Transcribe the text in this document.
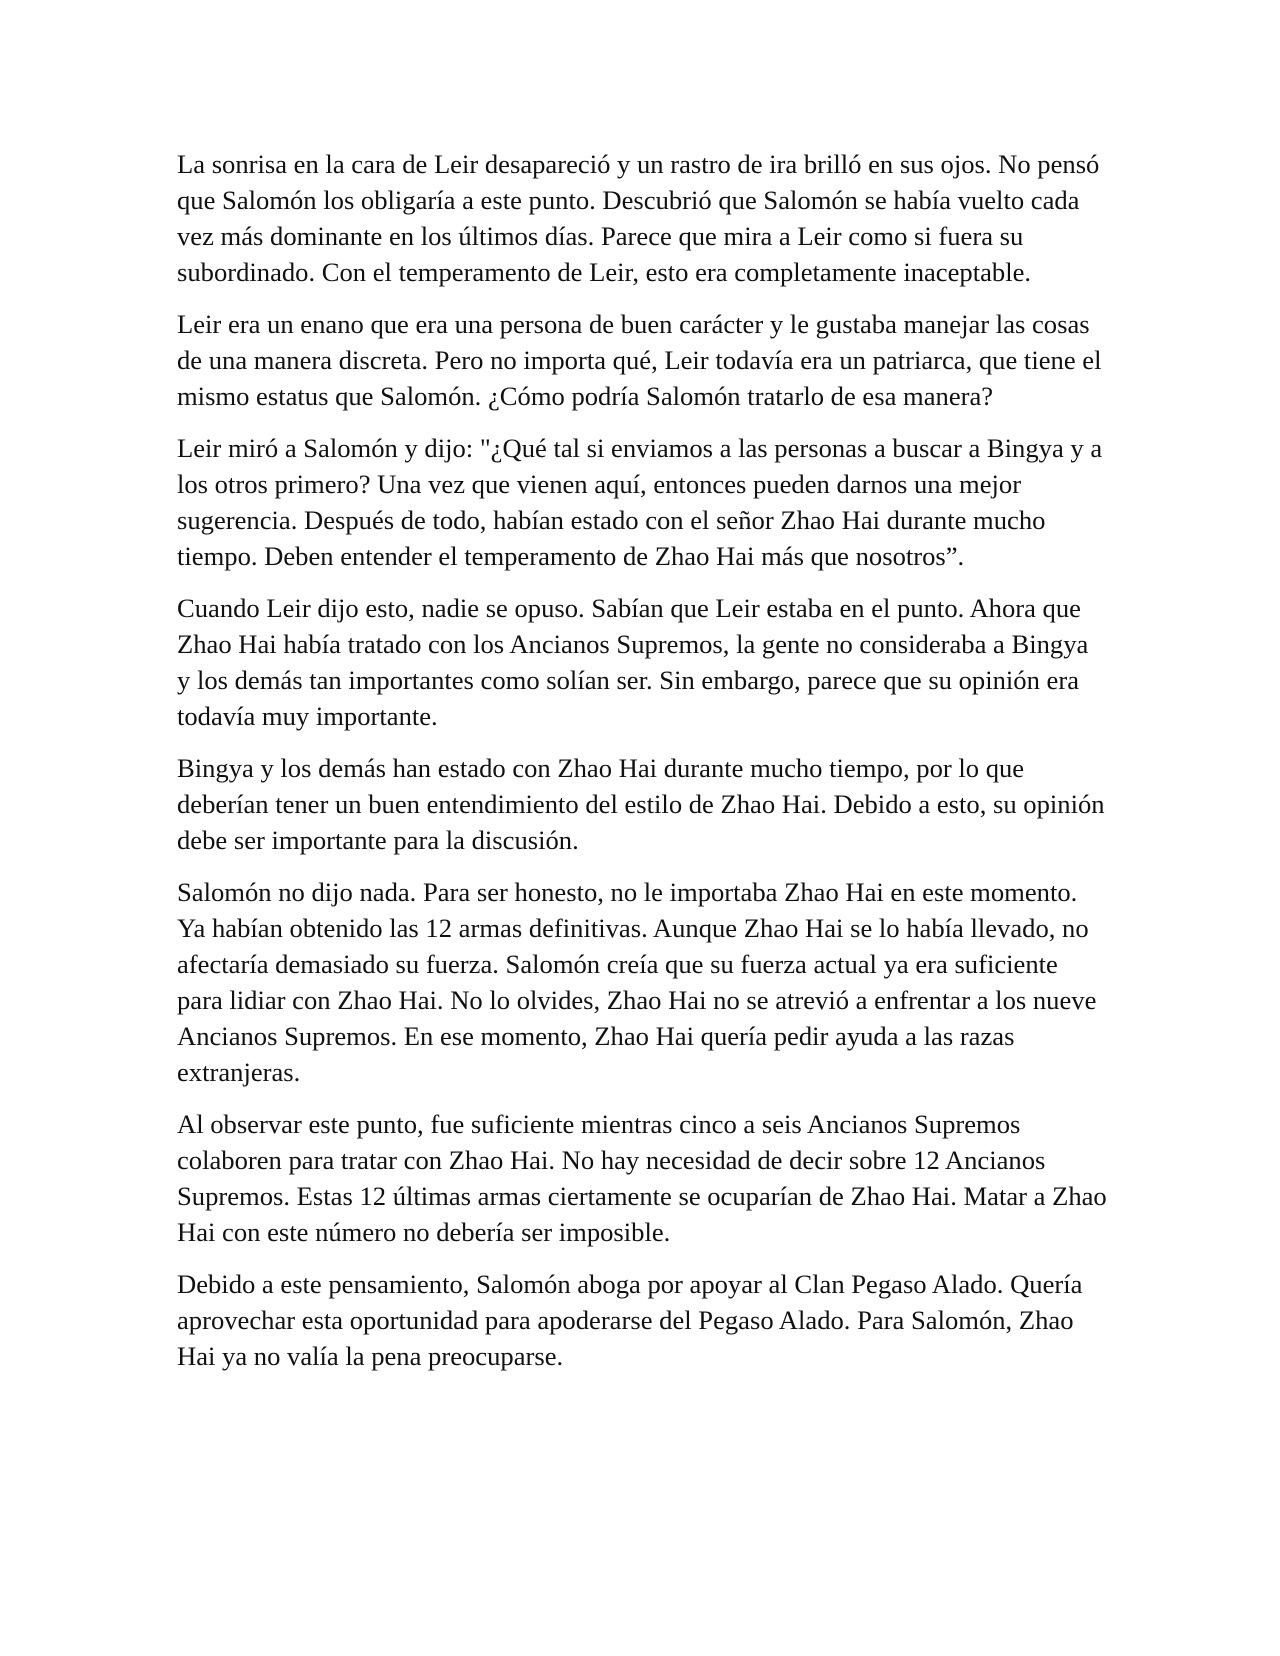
La sonrisa en la cara de Leir desapareció y un rastro de ira brilló en sus ojos. No pensó que Salomón los obligaría a este punto. Descubrió que Salomón se había vuelto cada vez más dominante en los últimos días. Parece que mira a Leir como si fuera su subordinado. Con el temperamento de Leir, esto era completamente inaceptable.

Leir era un enano que era una persona de buen carácter y le gustaba manejar las cosas de una manera discreta. Pero no importa qué, Leir todavía era un patriarca, que tiene el mismo estatus que Salomón. ¿Cómo podría Salomón tratarlo de esa manera?

Leir miró a Salomón y dijo: "¿Qué tal si enviamos a las personas a buscar a Bingya y a los otros primero? Una vez que vienen aquí, entonces pueden darnos una mejor sugerencia. Después de todo, habían estado con el señor Zhao Hai durante mucho tiempo. Deben entender el temperamento de Zhao Hai más que nosotros”.

Cuando Leir dijo esto, nadie se opuso. Sabían que Leir estaba en el punto. Ahora que Zhao Hai había tratado con los Ancianos Supremos, la gente no consideraba a Bingya y los demás tan importantes como solían ser. Sin embargo, parece que su opinión era todavía muy importante.

Bingya y los demás han estado con Zhao Hai durante mucho tiempo, por lo que deberían tener un buen entendimiento del estilo de Zhao Hai. Debido a esto, su opinión debe ser importante para la discusión.

Salomón no dijo nada. Para ser honesto, no le importaba Zhao Hai en este momento. Ya habían obtenido las 12 armas definitivas. Aunque Zhao Hai se lo había llevado, no afectaría demasiado su fuerza. Salomón creía que su fuerza actual ya era suficiente para lidiar con Zhao Hai. No lo olvides, Zhao Hai no se atrevió a enfrentar a los nueve Ancianos Supremos. En ese momento, Zhao Hai quería pedir ayuda a las razas extranjeras.

Al observar este punto, fue suficiente mientras cinco a seis Ancianos Supremos colaboren para tratar con Zhao Hai. No hay necesidad de decir sobre 12 Ancianos Supremos. Estas 12 últimas armas ciertamente se ocuparían de Zhao Hai. Matar a Zhao Hai con este número no debería ser imposible.

Debido a este pensamiento, Salomón aboga por apoyar al Clan Pegaso Alado. Quería aprovechar esta oportunidad para apoderarse del Pegaso Alado. Para Salomón, Zhao Hai ya no valía la pena preocuparse.
